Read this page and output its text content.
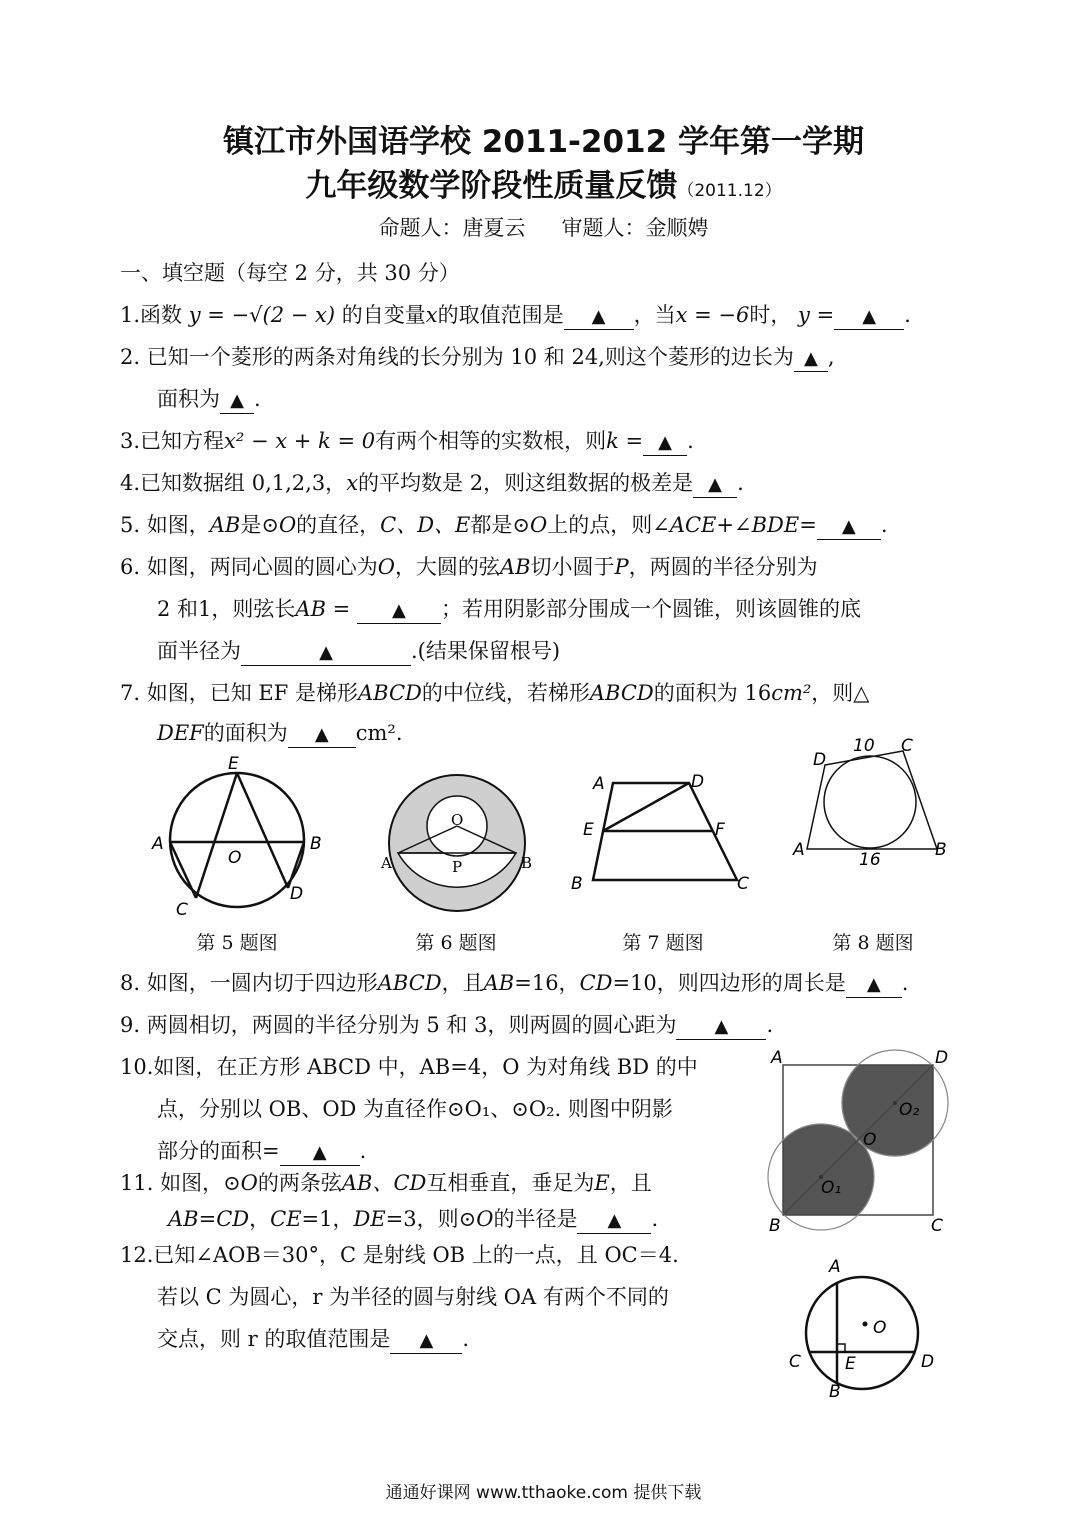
镇江市外国语学校 2011-2012 学年第一学期
九年级数学阶段性质量反馈（2011.12）
命题人：唐夏云 审题人：金顺娉
一、填空题（每空 2 分，共 30 分）
1.函数 y = −√(2 − x) 的自变量x的取值范围是 ▲ ，当x = −6时， y = ▲ .
2. 已知一个菱形的两条对角线的长分别为 10 和 24,则这个菱形的边长为 ▲ ,
面积为 ▲ .
3.已知方程x² − x + k = 0有两个相等的实数根，则k = ▲ .
4.已知数据组 0,1,2,3，x的平均数是 2，则这组数据的极差是 ▲ .
5. 如图，AB是⊙O的直径，C、D、E都是⊙O上的点，则∠ACE+∠BDE= ▲ .
6. 如图，两同心圆的圆心为O，大圆的弦AB切小圆于P，两圆的半径分别为
2 和1，则弦长AB = ▲ ；若用阴影部分围成一个圆锥，则该圆锥的底
面半径为	▲	.(结果保留根号)
7. 如图，已知 EF 是梯形ABCD的中位线，若梯形ABCD的面积为 16cm²，则△
DEF的面积为 ▲ cm².
E
A	B
O
C
D
O
A	B
P
A	D
E	F
B	C
D
10 C
A	16	B
第 5 题图	第 6 题图	第 7 题图	第 8 题图
8. 如图，一圆内切于四边形ABCD，且AB=16，CD=10，则四边形的周长是 ▲ .
9. 两圆相切，两圆的半径分别为 5 和 3，则两圆的圆心距为 ▲ .
10.如图，在正方形 ABCD 中，AB=4，O 为对角线 BD 的中
点，分别以 OB、OD 为直径作⊙O₁、⊙O₂. 则图中阴影
部分的面积= ▲ .
11. 如图，⊙O的两条弦AB、CD互相垂直，垂足为E，且
AB=CD，CE=1，DE=3，则⊙O的半径是 ▲ .
12.已知∠AOB＝30°，C 是射线 OB 上的一点，且 OC＝4.
若以 C 为圆心，r 为半径的圆与射线 OA 有两个不同的
交点，则 r 的取值范围是 ▲ .
A	D
B	C
O
O₂
O₁
A
O
C	E	D
B
通通好课网 www.tthaoke.com 提供下载
